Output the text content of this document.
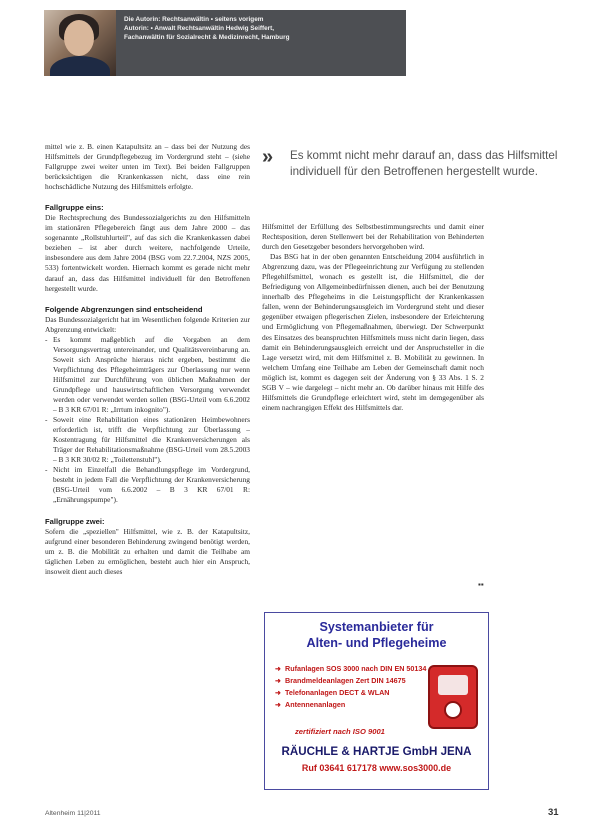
Die Autorin: Rechtsanwältin • seitens vorigem
Autorin: • Anwalt Rechtsanwältin Hedwig Seiffert,
Fachanwältin für Sozialrecht & Medizinrecht, Hamburg

mittel wie z. B. einen Katapultsitz an – dass bei der Nutzung des Hilfsmittels der Grundpflegebezug im Vordergrund steht – (siehe Fallgruppe zwei weiter unten im Text). Bei beiden Fallgruppen berücksichtigen die Krankenkassen nicht, dass eine rein hochschädliche Nutzung des Hilfsmittels erfolgte.

Fallgruppe eins:

Die Rechtsprechung des Bundessozialgerichts zu den Hilfsmitteln im stationären Pflegebereich fängt aus dem Jahre 2000 – das sogenannte „Rollstuhlurteil", auf das sich die Krankenkassen dabei beziehen – ist aber durch weitere, nachfolgende Urteile, insbesondere aus dem Jahre 2004 (BSG vom 22.7.2004, NZS 2005, 533) fortentwickelt worden. Hiernach kommt es gerade nicht mehr darauf an, dass das Hilfsmittel individuell für den Betroffenen hergestellt wurde.

Folgende Abgrenzungen sind entscheidend

Das Bundessozialgericht hat im Wesentlichen folgende Kriterien zur Abgrenzung entwickelt:

- Es kommt maßgeblich auf die Vorgaben an dem Versorgungsvertrag untereinander, und Qualitätsvereinbarung an. Soweit sich Ansprüche hieraus nicht ergeben, bestimmt die Verpflichtung des Pflegeheimträgers zur Überlassung nur wenn Hilfsmittel zur Durchführung von üblichen Maßnahmen der Grundpflege und hauswirtschaftlichen Versorgung verwendet werden oder verwendet werden sollen (BSG-Urteil vom 6.6.2002 – B 3 KR 67/01 R: „Irrtum inkognito").
- Soweit eine Rehabilitation eines stationären Heimbewohners erforderlich ist, trifft die Verpflichtung zur Überlassung – Kostentragung für Hilfsmittel die Krankenversicherungen als Träger der Rehabilitationsmaßnahme (BSG-Urteil vom 28.5.2003 – B 3 KR 30/02 R: „Toilettenstuhl").
- Nicht im Einzelfall die Behandlungspflege im Vordergrund, besteht in jedem Fall die Verpflichtung der Krankenversicherung (BSG-Urteil vom 6.6.2002 – B 3 KR 67/01 R: „Ernährungspumpe").
Fallgruppe zwei:

Sofern die „speziellen" Hilfsmittel, wie z. B. der Katapultsitz, aufgrund einer besonderen Behinderung zwingend benötigt werden, um z. B. die Mobilität zu erhalten und damit die Teilhabe am täglichen Leben zu ermöglichen, besteht auch hier ein Anspruch, insoweit dient auch dieses

»	Es kommt nicht mehr darauf an, dass das Hilfsmittel individuell für den Betroffenen hergestellt wurde.

Hilfsmittel der Erfüllung des Selbstbestimmungsrechts und damit einer Rechtsposition, deren Stellenwert bei der Rehabilitation von Behinderten durch den Gesetzgeber besonders hervorgehoben wird.

Das BSG hat in der oben genannten Entscheidung 2004 ausführlich in Abgrenzung dazu, was der Pflegeeinrichtung zur Verfügung zu stellenden Pflegehilfsmittel, wonach es gestellt ist, die Hilfsmittel, die der Befriedigung von Allgemeinbedürfnissen dienen, auch bei der Benutzung innerhalb des Pflegeheims in die Leistungspflicht der Krankenkassen fallen, wenn der Behinderungsausgleich im Vordergrund steht und dieser gegenüber etwaigen pflegerischen Zielen, insbesondere der Erleichterung und Ermöglichung von Pflegemaßnahmen, überwiegt. Der Schwerpunkt des Einsatzes des beanspruchten Hilfsmittels muss nicht darin liegen, dass damit ein Behinderungsausgleich erreicht und der Anspruchsteller in die Lage versetzt wird, mit dem Hilfsmittel z. B. Mobilität zu gewinnen. In welchem Umfang eine Teilhabe am Leben der Gemeinschaft damit noch möglich ist, kommt es dagegen seit der Änderung von § 33 Abs. 1 S. 2 SGB V – wie dargelegt – nicht mehr an. Ob darüber hinaus mit Hilfe des Hilfsmittels die Grundpflege erleichtert wird, steht im demgegenüber als einem nachrangigen Effekt des Hilfsmittels dar.

▪▪
Systemanbieter für
Alten- und Pflegeheime
➜ Rufanlagen SOS 3000 nach DIN EN 50134
➜ Brandmeldeanlagen Zert DIN 14675
➜ Telefonanlagen DECT & WLAN
➜ Antennenanlagen
zertifiziert nach ISO 9001
RÄUCHLE & HARTJE GmbH JENA
Ruf 03641 617178 www.sos3000.de
Altenheim 11|2011	31
